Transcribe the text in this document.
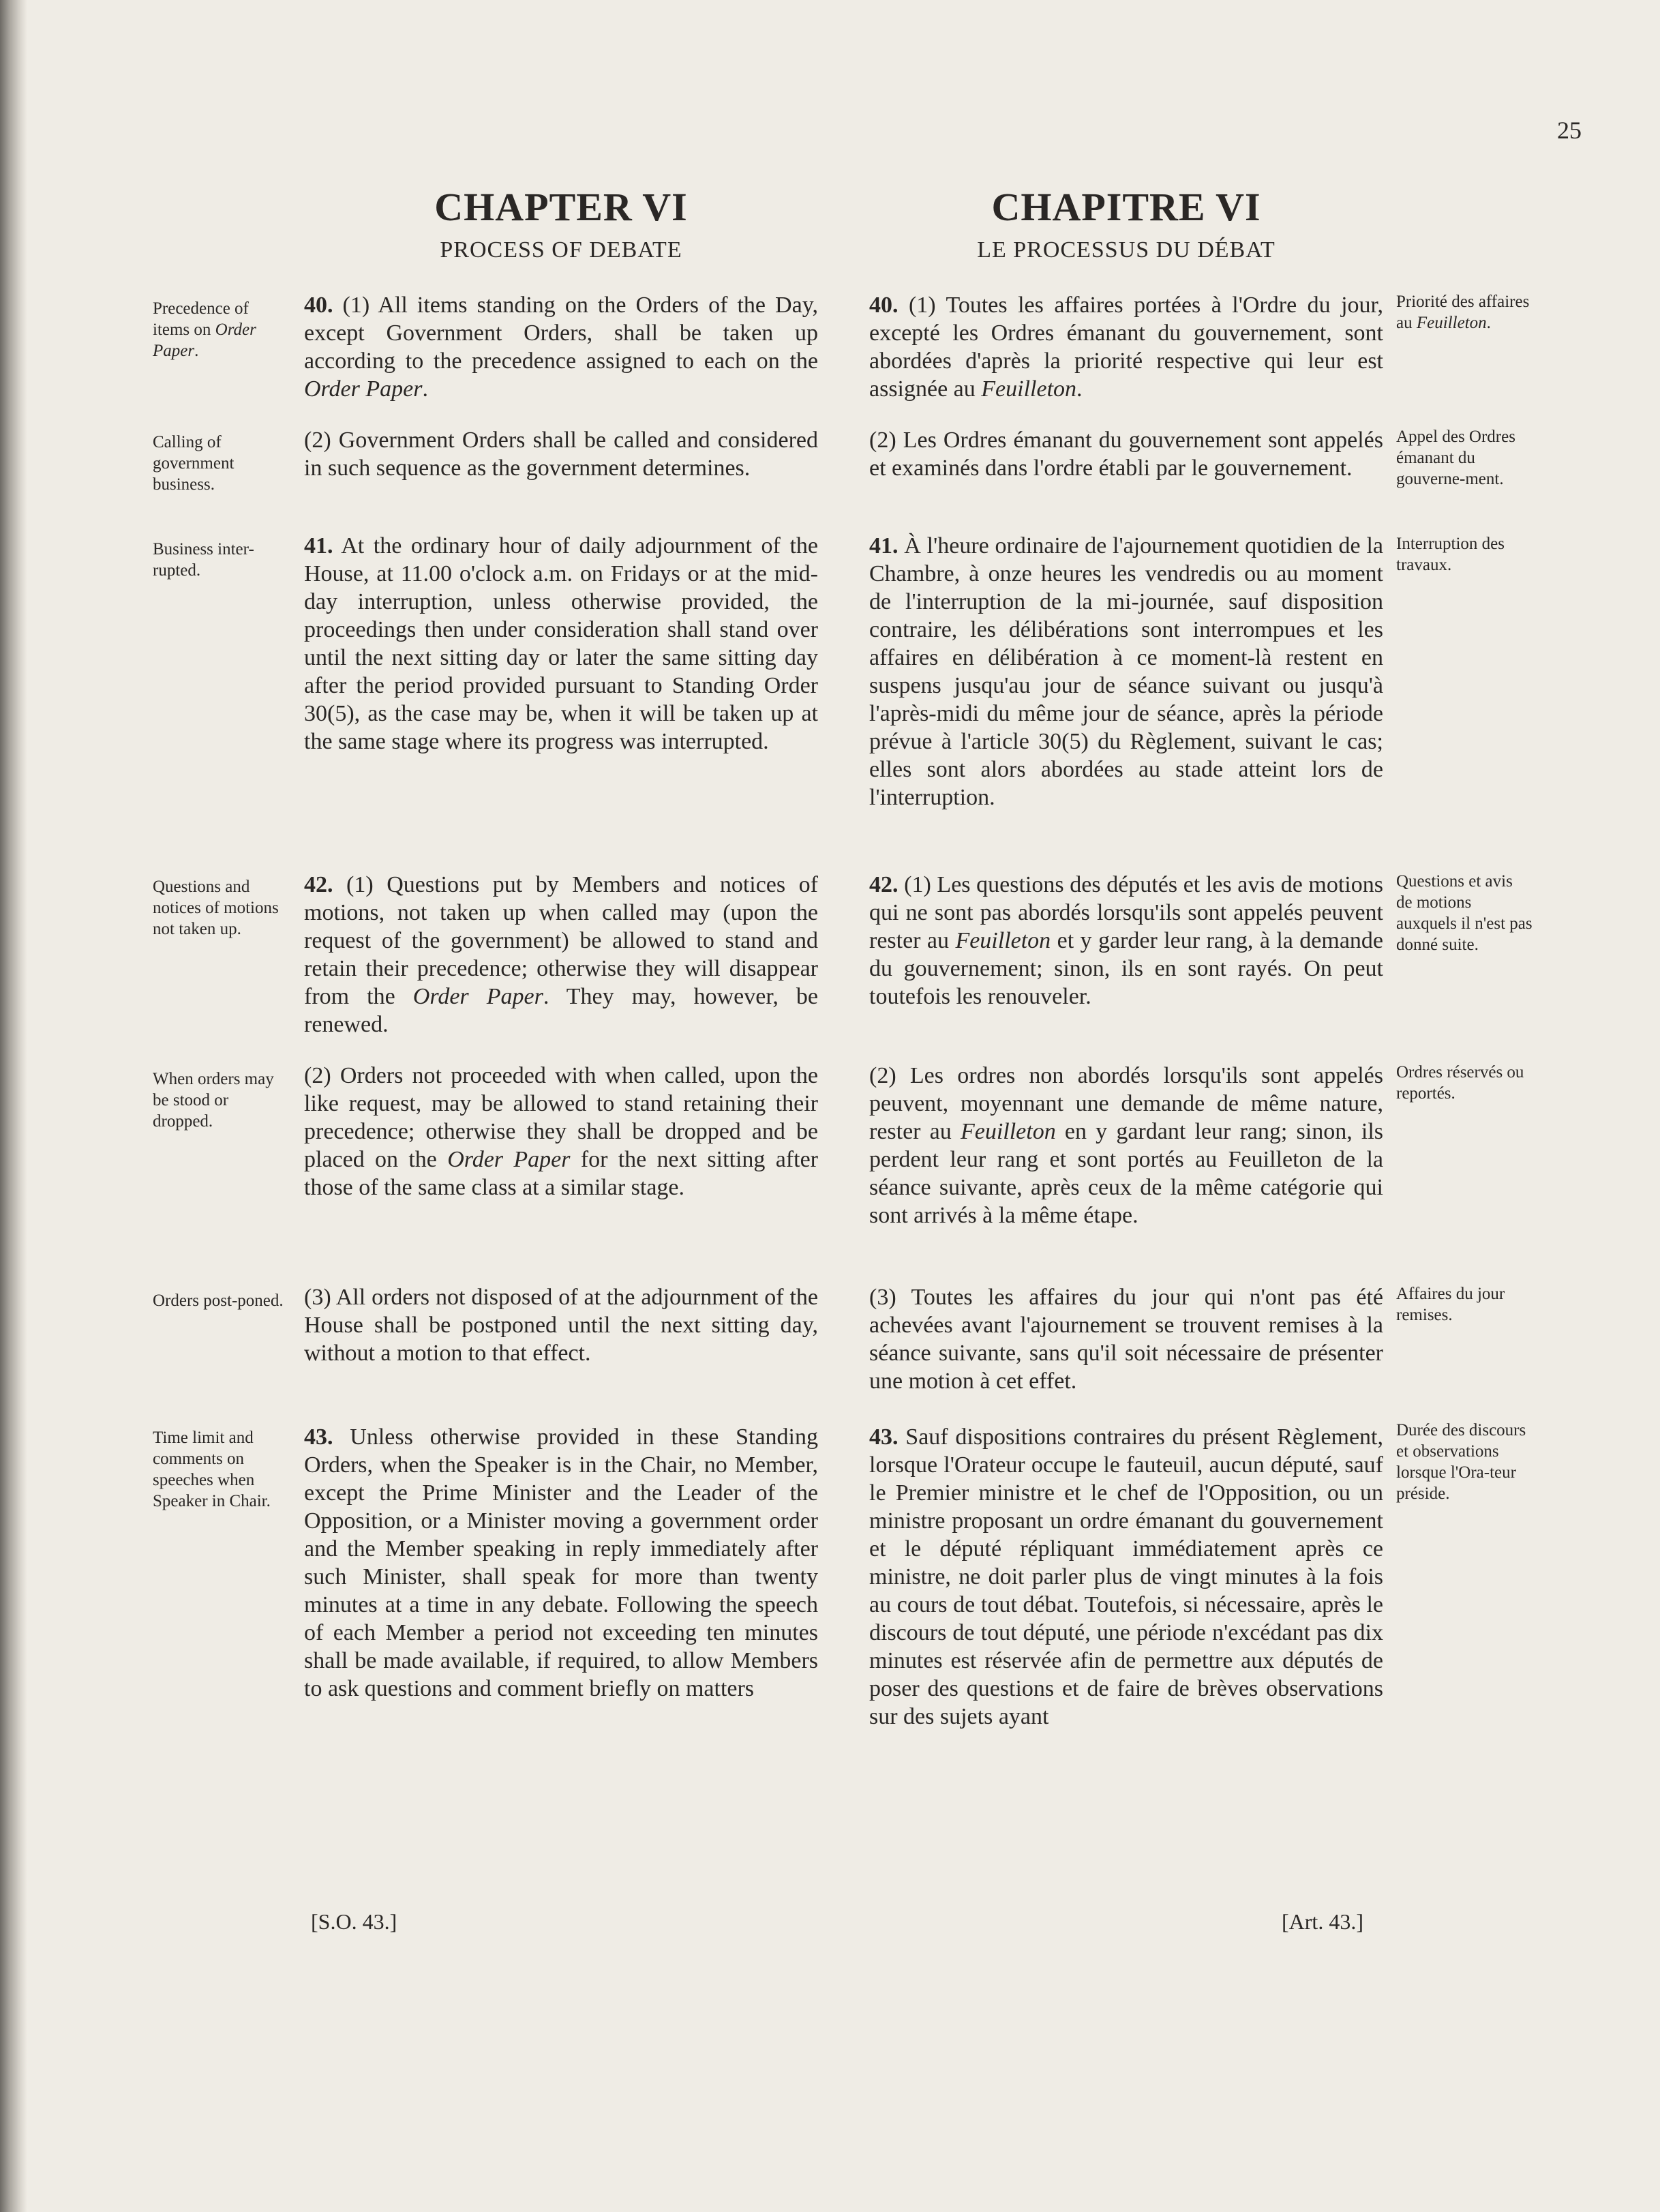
25
CHAPTER VI
PROCESS OF DEBATE

40. (1) All items standing on the Orders of the Day, except Government Orders, shall be taken up according to the precedence assigned to each on the Order Paper.

(2) Government Orders shall be called and considered in such sequence as the government determines.

41. At the ordinary hour of daily adjournment of the House, at 11.00 o'clock a.m. on Fridays or at the mid-day interruption, unless otherwise provided, the proceedings then under consideration shall stand over until the next sitting day or later the same sitting day after the period provided pursuant to Standing Order 30(5), as the case may be, when it will be taken up at the same stage where its progress was interrupted.

42. (1) Questions put by Members and notices of motions, not taken up when called may (upon the request of the government) be allowed to stand and retain their precedence; otherwise they will disappear from the Order Paper. They may, however, be renewed.

(2) Orders not proceeded with when called, upon the like request, may be allowed to stand retaining their precedence; otherwise they shall be dropped and be placed on the Order Paper for the next sitting after those of the same class at a similar stage.

(3) All orders not disposed of at the adjournment of the House shall be postponed until the next sitting day, without a motion to that effect.

43. Unless otherwise provided in these Standing Orders, when the Speaker is in the Chair, no Member, except the Prime Minister and the Leader of the Opposition, or a Minister moving a government order and the Member speaking in reply immediately after such Minister, shall speak for more than twenty minutes at a time in any debate. Following the speech of each Member a period not exceeding ten minutes shall be made available, if required, to allow Members to ask questions and comment briefly on matters

Precedence of items on Order Paper.
Calling of government business.
Business inter-rupted.
Questions and notices of motions not taken up.
When orders may be stood or dropped.
Orders post-poned.
Time limit and comments on speeches when Speaker in Chair.
CHAPITRE VI
LE PROCESSUS DU DÉBAT

40. (1) Toutes les affaires portées à l'Ordre du jour, excepté les Ordres émanant du gouvernement, sont abordées d'après la priorité respective qui leur est assignée au Feuilleton.

(2) Les Ordres émanant du gouvernement sont appelés et examinés dans l'ordre établi par le gouvernement.

41. À l'heure ordinaire de l'ajournement quotidien de la Chambre, à onze heures les vendredis ou au moment de l'interruption de la mi-journée, sauf disposition contraire, les délibérations sont interrompues et les affaires en délibération à ce moment-là restent en suspens jusqu'au jour de séance suivant ou jusqu'à l'après-midi du même jour de séance, après la période prévue à l'article 30(5) du Règlement, suivant le cas; elles sont alors abordées au stade atteint lors de l'interruption.

42. (1) Les questions des députés et les avis de motions qui ne sont pas abordés lorsqu'ils sont appelés peuvent rester au Feuilleton et y garder leur rang, à la demande du gouvernement; sinon, ils en sont rayés. On peut toutefois les renouveler.

(2) Les ordres non abordés lorsqu'ils sont appelés peuvent, moyennant une demande de même nature, rester au Feuilleton en y gardant leur rang; sinon, ils perdent leur rang et sont portés au Feuilleton de la séance suivante, après ceux de la même catégorie qui sont arrivés à la même étape.

(3) Toutes les affaires du jour qui n'ont pas été achevées avant l'ajournement se trouvent remises à la séance suivante, sans qu'il soit nécessaire de présenter une motion à cet effet.

43. Sauf dispositions contraires du présent Règlement, lorsque l'Orateur occupe le fauteuil, aucun député, sauf le Premier ministre et le chef de l'Opposition, ou un ministre proposant un ordre émanant du gouvernement et le député répliquant immédiatement après ce ministre, ne doit parler plus de vingt minutes à la fois au cours de tout débat. Toutefois, si nécessaire, après le discours de tout député, une période n'excédant pas dix minutes est réservée afin de permettre aux députés de poser des questions et de faire de brèves observations sur des sujets ayant

Priorité des affaires au Feuilleton.
Appel des Ordres émanant du gouverne-ment.
Interruption des travaux.
Questions et avis de motions auxquels il n'est pas donné suite.
Ordres réservés ou reportés.
Affaires du jour remises.
Durée des discours et observations lorsque l'Ora-teur préside.
[S.O. 43.]	[Art. 43.]
